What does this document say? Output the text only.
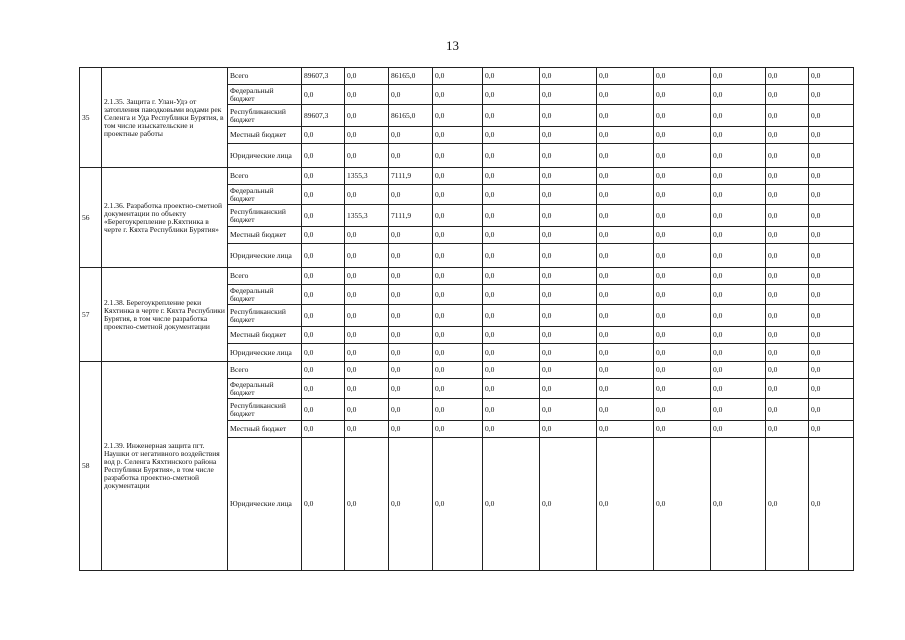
13
35	2.1.35. Защита г. Улан-Удэ от затопления паводковыми водами рек Селенга и Уда Республики Бурятия, в том числе изыскательские и проектные работы	Всего	89607,3	0,0	86165,0	0,0	0,0	0,0	0,0	0,0	0,0	0,0	0,0
		Федеральный бюджет	0,0	0,0	0,0	0,0	0,0	0,0	0,0	0,0	0,0	0,0	0,0
		Республиканский бюджет	89607,3	0,0	86165,0	0,0	0,0	0,0	0,0	0,0	0,0	0,0	0,0
		Местный бюджет	0,0	0,0	0,0	0,0	0,0	0,0	0,0	0,0	0,0	0,0	0,0
		Юридические лица	0,0	0,0	0,0	0,0	0,0	0,0	0,0	0,0	0,0	0,0	0,0
56	2.1.36. Разработка проектно-сметной документации по объекту «Берегоукрепление р.Кяхтинка в черте г. Кяхта Республики Бурятия»	Всего	0,0	1355,3	7111,9	0,0	0,0	0,0	0,0	0,0	0,0	0,0	0,0
		Федеральный бюджет	0,0	0,0	0,0	0,0	0,0	0,0	0,0	0,0	0,0	0,0	0,0
		Республиканский бюджет	0,0	1355,3	7111,9	0,0	0,0	0,0	0,0	0,0	0,0	0,0	0,0
		Местный бюджет	0,0	0,0	0,0	0,0	0,0	0,0	0,0	0,0	0,0	0,0	0,0
		Юридические лица	0,0	0,0	0,0	0,0	0,0	0,0	0,0	0,0	0,0	0,0	0,0
57	2.1.38. Берегоукрепление реки Кяхтинка в черте г. Кяхта Республики Бурятия, в том числе разработка проектно-сметной документации	Всего	0,0	0,0	0,0	0,0	0,0	0,0	0,0	0,0	0,0	0,0	0,0
		Федеральный бюджет	0,0	0,0	0,0	0,0	0,0	0,0	0,0	0,0	0,0	0,0	0,0
		Республиканский бюджет	0,0	0,0	0,0	0,0	0,0	0,0	0,0	0,0	0,0	0,0	0,0
		Местный бюджет	0,0	0,0	0,0	0,0	0,0	0,0	0,0	0,0	0,0	0,0	0,0
		Юридические лица	0,0	0,0	0,0	0,0	0,0	0,0	0,0	0,0	0,0	0,0	0,0
58	2.1.39. Инженерная защита пгт. Наушки от негативного воздействия вод р. Селенга Кяхтинского района Республики Бурятия», в том числе разработка проектно-сметной документации	Всего	0,0	0,0	0,0	0,0	0,0	0,0	0,0	0,0	0,0	0,0	0,0
		Федеральный бюджет	0,0	0,0	0,0	0,0	0,0	0,0	0,0	0,0	0,0	0,0	0,0
		Республиканский бюджет	0,0	0,0	0,0	0,0	0,0	0,0	0,0	0,0	0,0	0,0	0,0
		Местный бюджет	0,0	0,0	0,0	0,0	0,0	0,0	0,0	0,0	0,0	0,0	0,0
		Юридические лица	0,0	0,0	0,0	0,0	0,0	0,0	0,0	0,0	0,0	0,0	0,0
